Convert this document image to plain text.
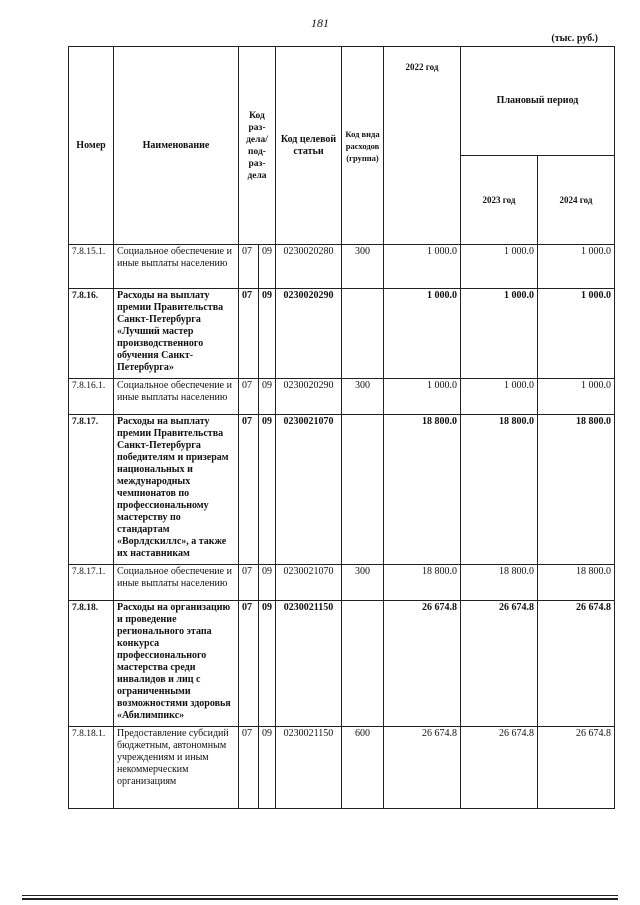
181
(тыс. руб.)
Номер	Наименование	Код раз-дела/ под-раз-дела		Код целевой статьи	Код вида расходов (группа)	2022 год	Плановый период	
							2023 год	2024 год
7.8.15.1.	Социальное обеспечение и иные выплаты населению	07	09	0230020280	300	1 000.0	1 000.0	1 000.0
7.8.16.	Расходы на выплату премии Правительства Санкт-Петербурга «Лучший мастер производственного обучения Санкт-Петербурга»	07	09	0230020290		1 000.0	1 000.0	1 000.0
7.8.16.1.	Социальное обеспечение и иные выплаты населению	07	09	0230020290	300	1 000.0	1 000.0	1 000.0
7.8.17.	Расходы на выплату премии Правительства Санкт-Петербурга победителям и призерам национальных и международных чемпионатов по профессиональному мастерству по стандартам «Ворлдскиллс», а также их наставникам	07	09	0230021070		18 800.0	18 800.0	18 800.0
7.8.17.1.	Социальное обеспечение и иные выплаты населению	07	09	0230021070	300	18 800.0	18 800.0	18 800.0
7.8.18.	Расходы на организацию и проведение регионального этапа конкурса профессионального мастерства среди инвалидов и лиц с ограниченными возможностями здоровья «Абилимпикс»	07	09	0230021150		26 674.8	26 674.8	26 674.8
7.8.18.1.	Предоставление субсидий бюджетным, автономным учреждениям и иным некоммерческим организациям	07	09	0230021150	600	26 674.8	26 674.8	26 674.8
